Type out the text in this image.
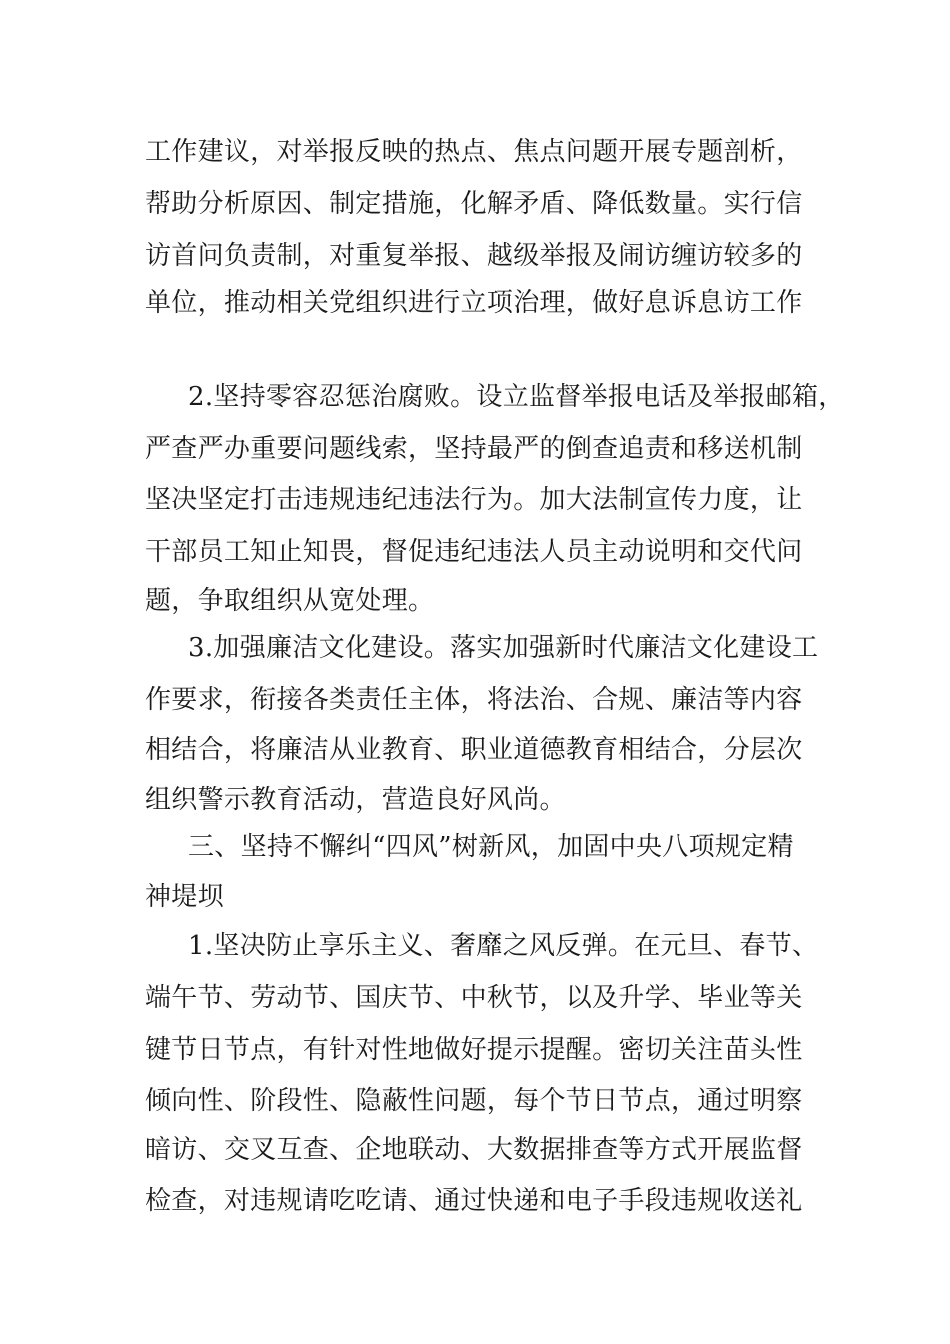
工作建议，对举报反映的热点、焦点问题开展专题剖析，
帮助分析原因、制定措施，化解矛盾、降低数量。实行信
访首问负责制，对重复举报、越级举报及闹访缠访较多的
单位，推动相关党组织进行立项治理，做好息诉息访工作
2.坚持零容忍惩治腐败。设立监督举报电话及举报邮箱，
严查严办重要问题线索，坚持最严的倒查追责和移送机制
坚决坚定打击违规违纪违法行为。加大法制宣传力度，让
干部员工知止知畏，督促违纪违法人员主动说明和交代问
题，争取组织从宽处理。
3.加强廉洁文化建设。落实加强新时代廉洁文化建设工
作要求，衔接各类责任主体，将法治、合规、廉洁等内容
相结合，将廉洁从业教育、职业道德教育相结合，分层次
组织警示教育活动，营造良好风尚。
三、坚持不懈纠“四风”树新风，加固中央八项规定精
神堤坝
1.坚决防止享乐主义、奢靡之风反弹。在元旦、春节、
端午节、劳动节、国庆节、中秋节，以及升学、毕业等关
键节日节点，有针对性地做好提示提醒。密切关注苗头性
倾向性、阶段性、隐蔽性问题，每个节日节点，通过明察
暗访、交叉互查、企地联动、大数据排查等方式开展监督
检查，对违规请吃吃请、通过快递和电子手段违规收送礼
